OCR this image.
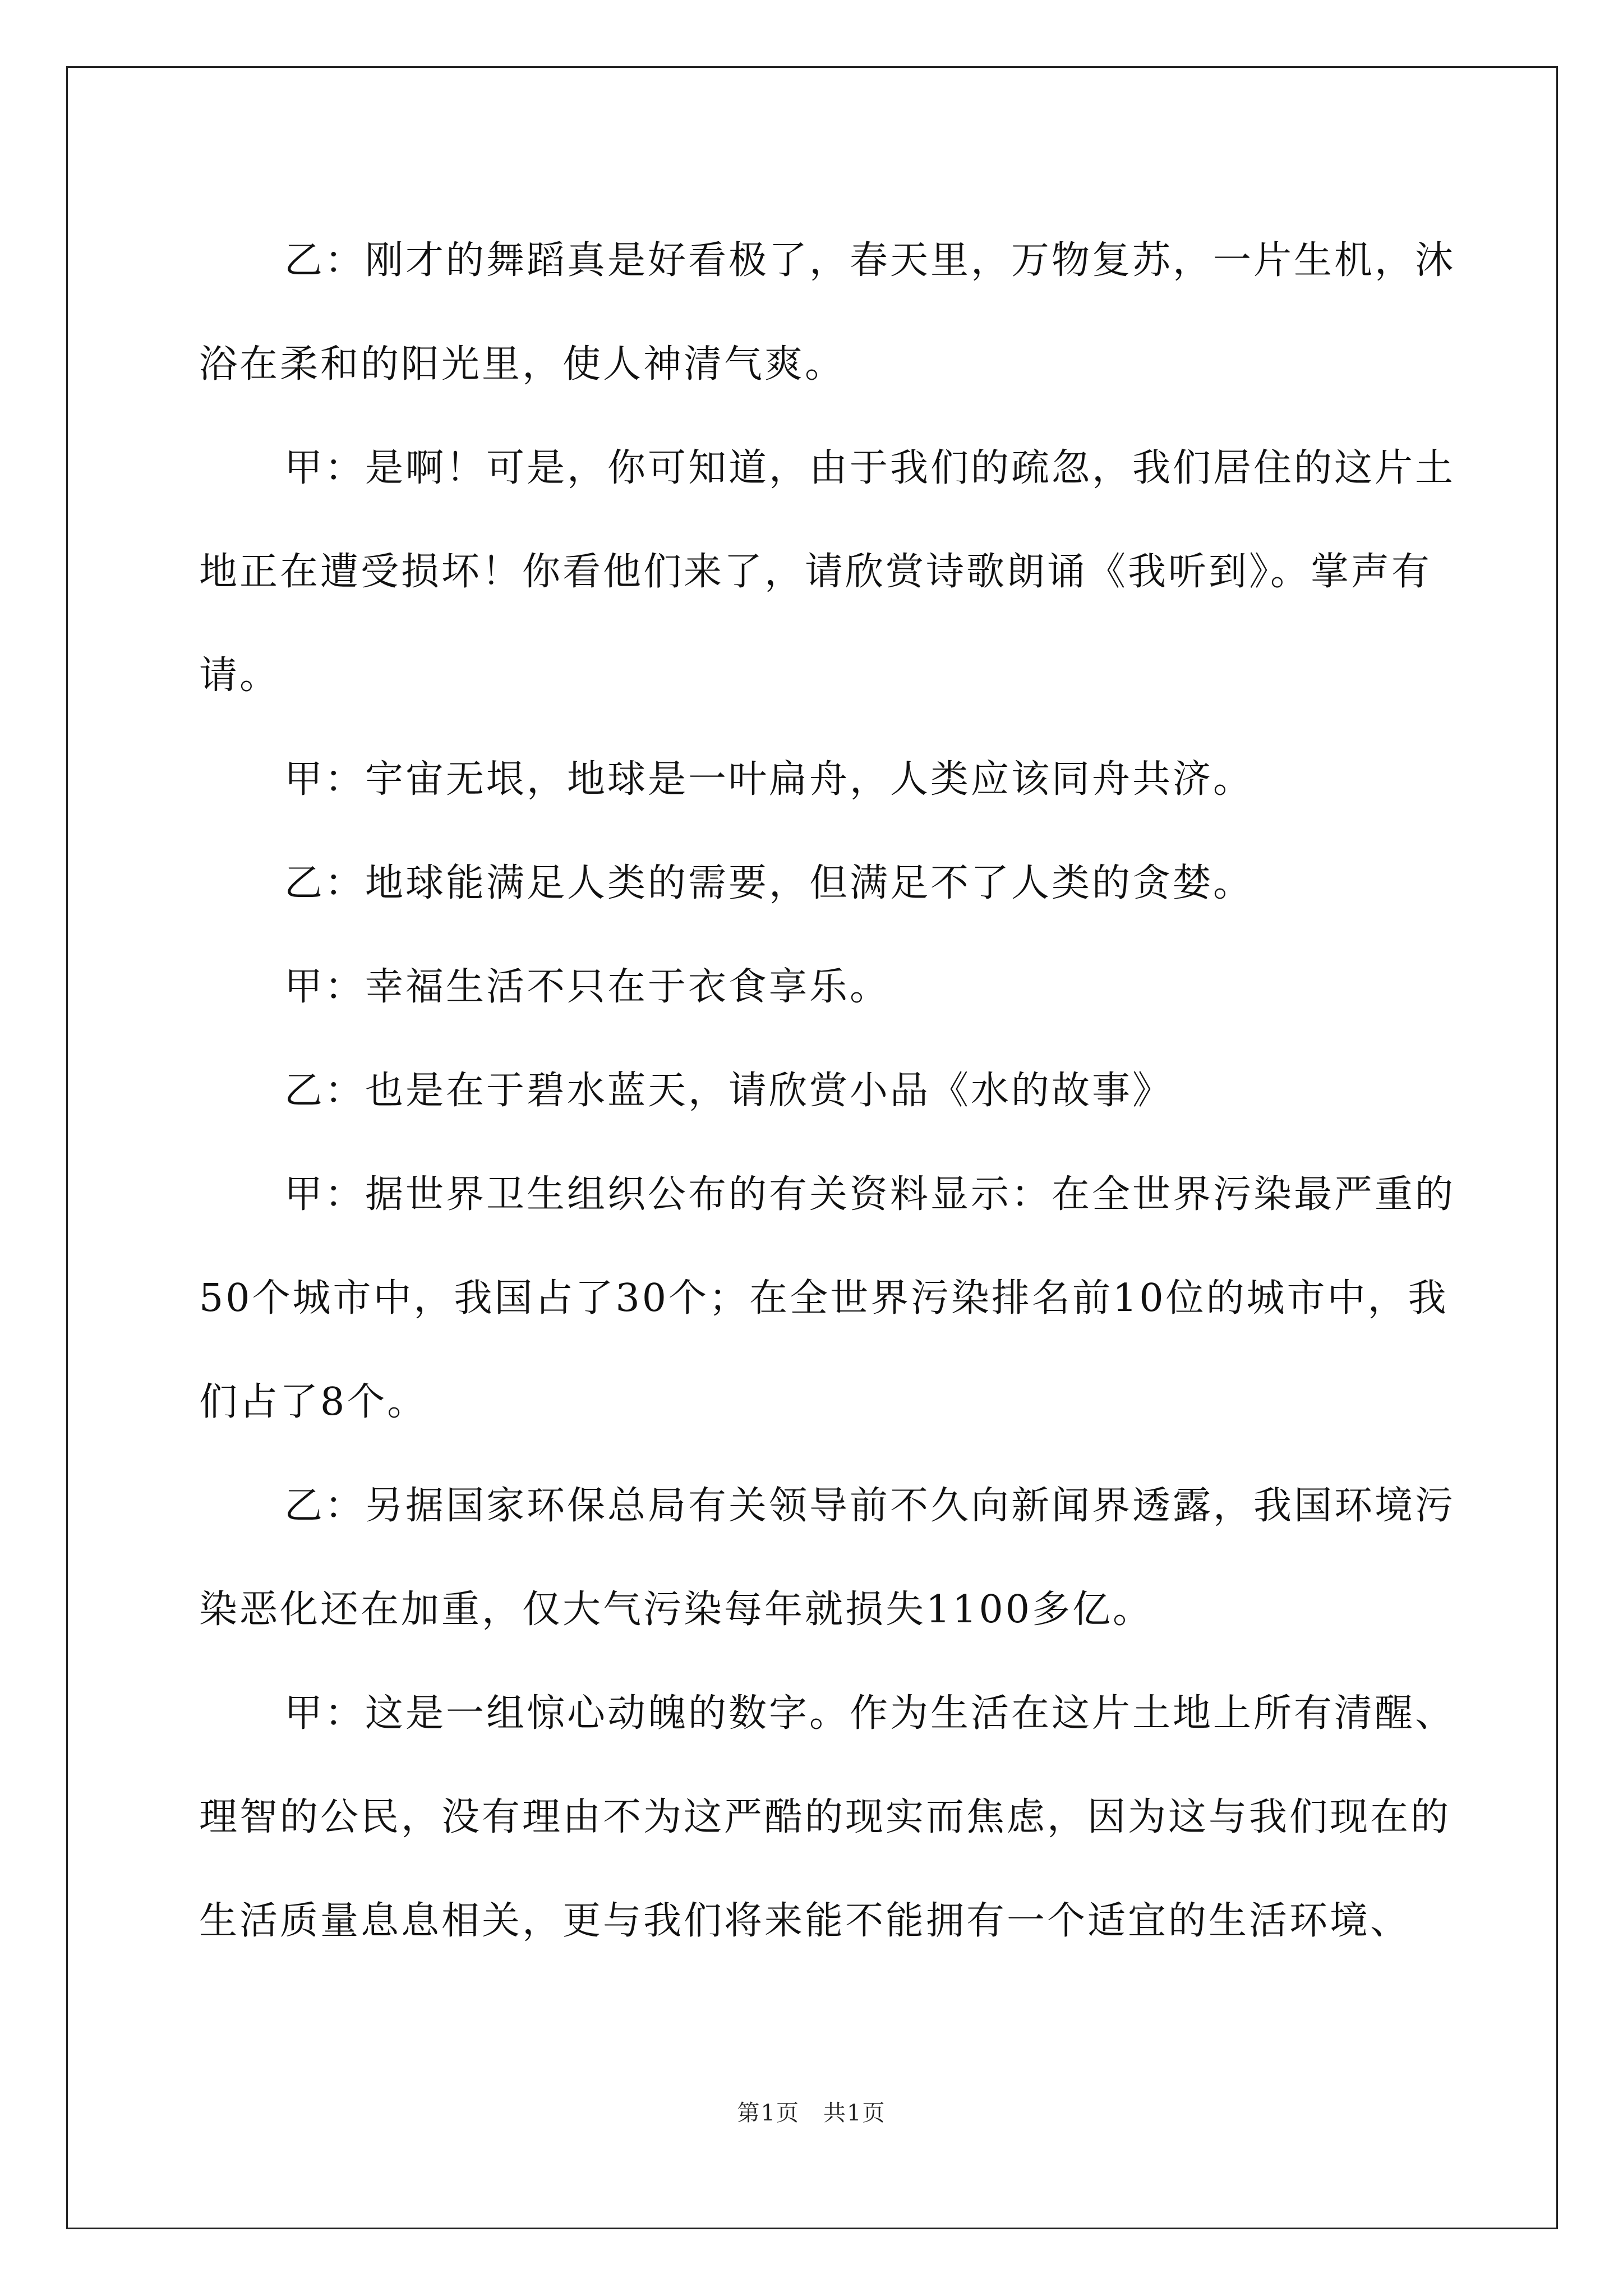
乙：刚才的舞蹈真是好看极了，春天里，万物复苏，一片生机，沐浴在柔和的阳光里，使人神清气爽。

甲：是啊！可是，你可知道，由于我们的疏忽，我们居住的这片土地正在遭受损坏！你看他们来了，请欣赏诗歌朗诵《我听到》。掌声有请。

甲：宇宙无垠，地球是一叶扁舟，人类应该同舟共济。

乙：地球能满足人类的需要，但满足不了人类的贪婪。

甲：幸福生活不只在于衣食享乐。

乙：也是在于碧水蓝天，请欣赏小品《水的故事》

甲：据世界卫生组织公布的有关资料显示：在全世界污染最严重的50个城市中，我国占了30个；在全世界污染排名前10位的城市中，我们占了8个。

乙：另据国家环保总局有关领导前不久向新闻界透露，我国环境污染恶化还在加重，仅大气污染每年就损失1100多亿。

甲：这是一组惊心动魄的数字。作为生活在这片土地上所有清醒、理智的公民，没有理由不为这严酷的现实而焦虑，因为这与我们现在的生活质量息息相关，更与我们将来能不能拥有一个适宜的生活环境、

第1页　共1页
